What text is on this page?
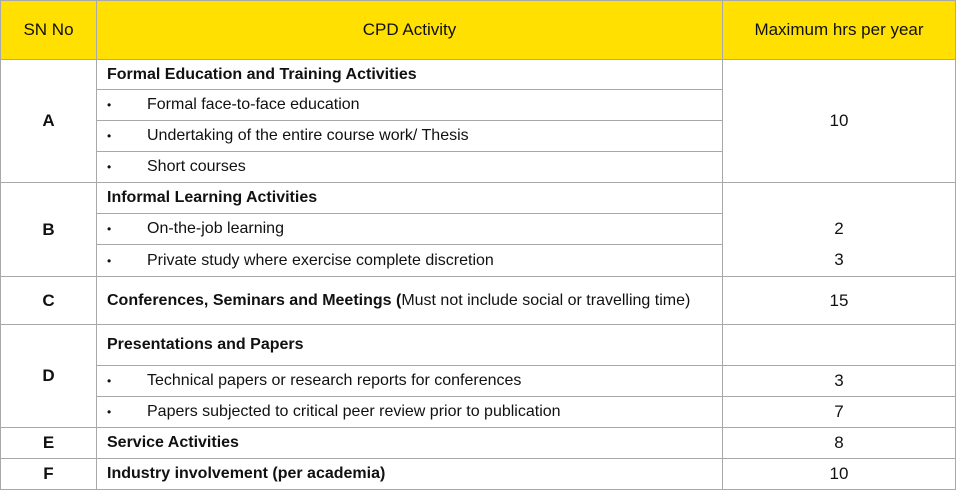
SN No	CPD Activity	Maximum hrs per year
A	Formal Education and Training Activities	10
	• Formal face-to-face education	
	• Undertaking of the entire course work/ Thesis	
	• Short courses	
B	Informal Learning Activities	
	• On-the-job learning	2
	• Private study where exercise complete discretion	3
C	Conferences, Seminars and Meetings (Must not include social or travelling time)	15
D	Presentations and Papers	
	• Technical papers or research reports for conferences	3
	• Papers subjected to critical peer review prior to publication	7
E	Service Activities	8
F	Industry involvement (per academia)	10
